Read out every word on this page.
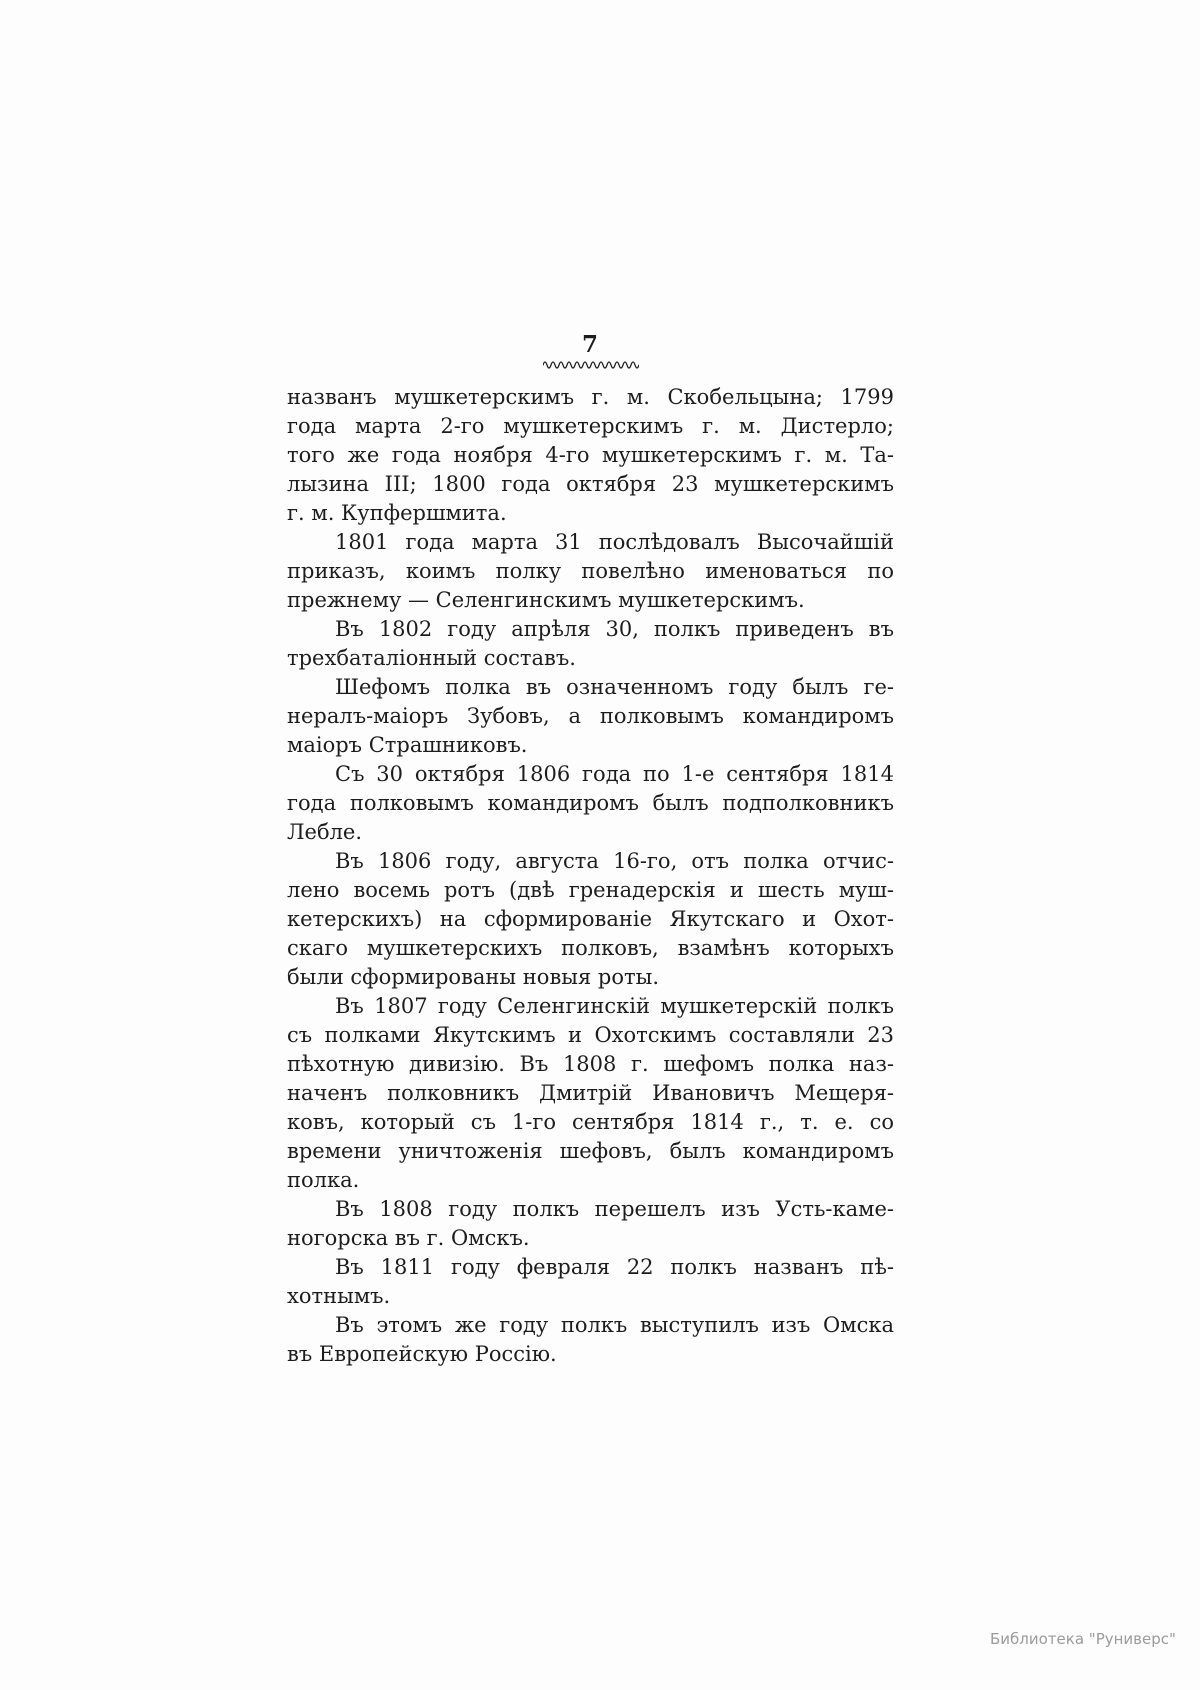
7
названъ мушкетерскимъ г. м. Скобельцына; 1799
года марта 2-го мушкетерскимъ г. м. Дистерло;
того же года ноября 4-го мушкетерскимъ г. м. Та-
лызина III; 1800 года октября 23 мушкетерскимъ
г. м. Купфершмита.
1801 года марта 31 послѣдовалъ Высочайшій
приказъ, коимъ полку повелѣно именоваться по
прежнему — Селенгинскимъ мушкетерскимъ.
Въ 1802 году апрѣля 30, полкъ приведенъ въ
трехбаталіонный составъ.
Шефомъ полка въ означенномъ году былъ ге-
нералъ-маіоръ Зубовъ, а полковымъ командиромъ
маіоръ Страшниковъ.
Съ 30 октября 1806 года по 1-е сентября 1814
года полковымъ командиромъ былъ подполковникъ
Лебле.
Въ 1806 году, августа 16-го, отъ полка отчис-
лено восемь ротъ (двѣ гренадерскія и шесть муш-
кетерскихъ) на сформированіе Якутскаго и Охот-
скаго мушкетерскихъ полковъ, взамѣнъ которыхъ
были сформированы новыя роты.
Въ 1807 году Селенгинскій мушкетерскій полкъ
съ полками Якутскимъ и Охотскимъ составляли 23
пѣхотную дивизію. Въ 1808 г. шефомъ полка наз-
наченъ полковникъ Дмитрій Ивановичъ Мещеря-
ковъ, который съ 1-го сентября 1814 г., т. е. со
времени уничтоженія шефовъ, былъ командиромъ
полка.
Въ 1808 году полкъ перешелъ изъ Усть-каме-
ногорска въ г. Омскъ.
Въ 1811 году февраля 22 полкъ названъ пѣ-
хотнымъ.
Въ этомъ же году полкъ выступилъ изъ Омска
въ Европейскую Россію.
Библиотека "Руниверс"
